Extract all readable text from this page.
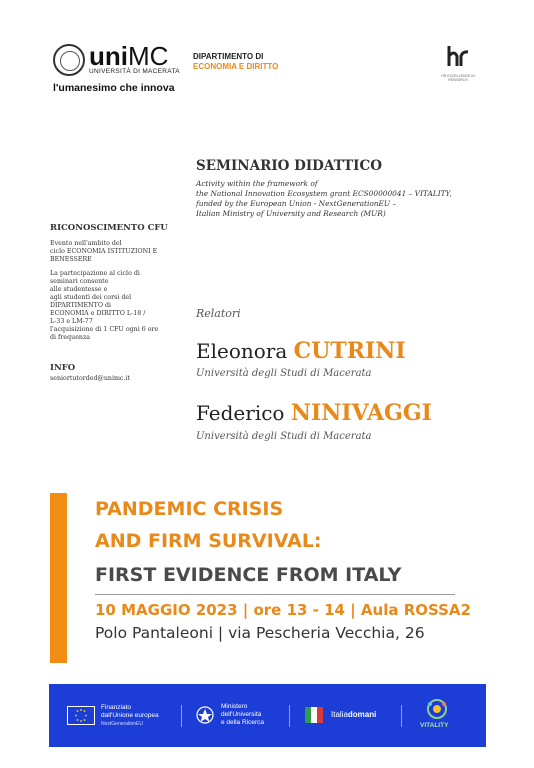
uniMC
UNIVERSITÀ DI MACERATA
l'umanesimo che innova
DIPARTIMENTO DI
ECONOMIA E DIRITTO
HR EXCELLENCE IN RESEARCH
SEMINARIO DIDATTICO
Activity within the framework of
the National Innovation Ecosystem grant ECS00000041 – VITALITY,
funded by the European Union - NextGenerationEU –
Italian Ministry of University and Research (MUR)
RICONOSCIMENTO CFU
Evento nell'ambito del
ciclo ECONOMIA ISTITUZIONI E
BENESSERE
La partecipazione al ciclo di
seminari consente
alle studentesse e
agli studenti dei corsi del
DIPARTIMENTO di
ECONOMIA e DIRITTO L-18 /
L-33 e LM-77
l'acquisizione di 1 CFU ogni 6 ore
di frequenza
INFO
seniortutorded@unimc.it
Relatori
Eleonora CUTRINI
Università degli Studi di Macerata
Federico NINIVAGGI
Università degli Studi di Macerata
PANDEMIC CRISIS
AND FIRM SURVIVAL:
FIRST EVIDENCE FROM ITALY
10 MAGGIO 2023 | ore 13 - 14 | Aula ROSSA2
Polo Pantaleoni | via Pescheria Vecchia, 26
Finanziato
dall'Unione europea
NextGenerationEU
Ministero
dell'Università
e della Ricerca
Italiadomani
VITALITY
